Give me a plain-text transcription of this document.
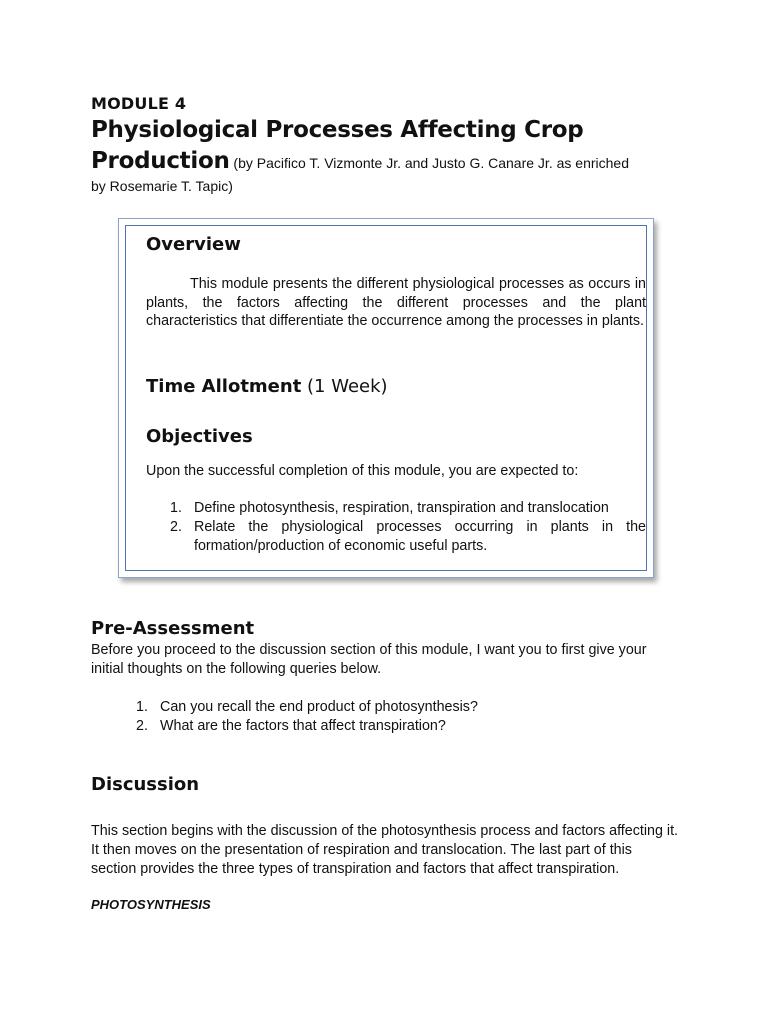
MODULE 4
Physiological Processes Affecting Crop Production (by Pacifico T. Vizmonte Jr. and Justo G. Canare Jr. as enriched
by Rosemarie T. Tapic)
Overview
This module presents the different physiological processes as occurs in plants, the factors affecting the different processes and the plant characteristics that differentiate the occurrence among the processes in plants.
Time Allotment (1 Week)
Objectives
Upon the successful completion of this module, you are expected to:
1. Define photosynthesis, respiration, transpiration and translocation
2. Relate the physiological processes occurring in plants in the formation/production of economic useful parts.
Pre-Assessment
Before you proceed to the discussion section of this module, I want you to first give your initial thoughts on the following queries below.
1. Can you recall the end product of photosynthesis?
2. What are the factors that affect transpiration?
Discussion
This section begins with the discussion of the photosynthesis process and factors affecting it. It then moves on the presentation of respiration and translocation. The last part of this section provides the three types of transpiration and factors that affect transpiration.
PHOTOSYNTHESIS
